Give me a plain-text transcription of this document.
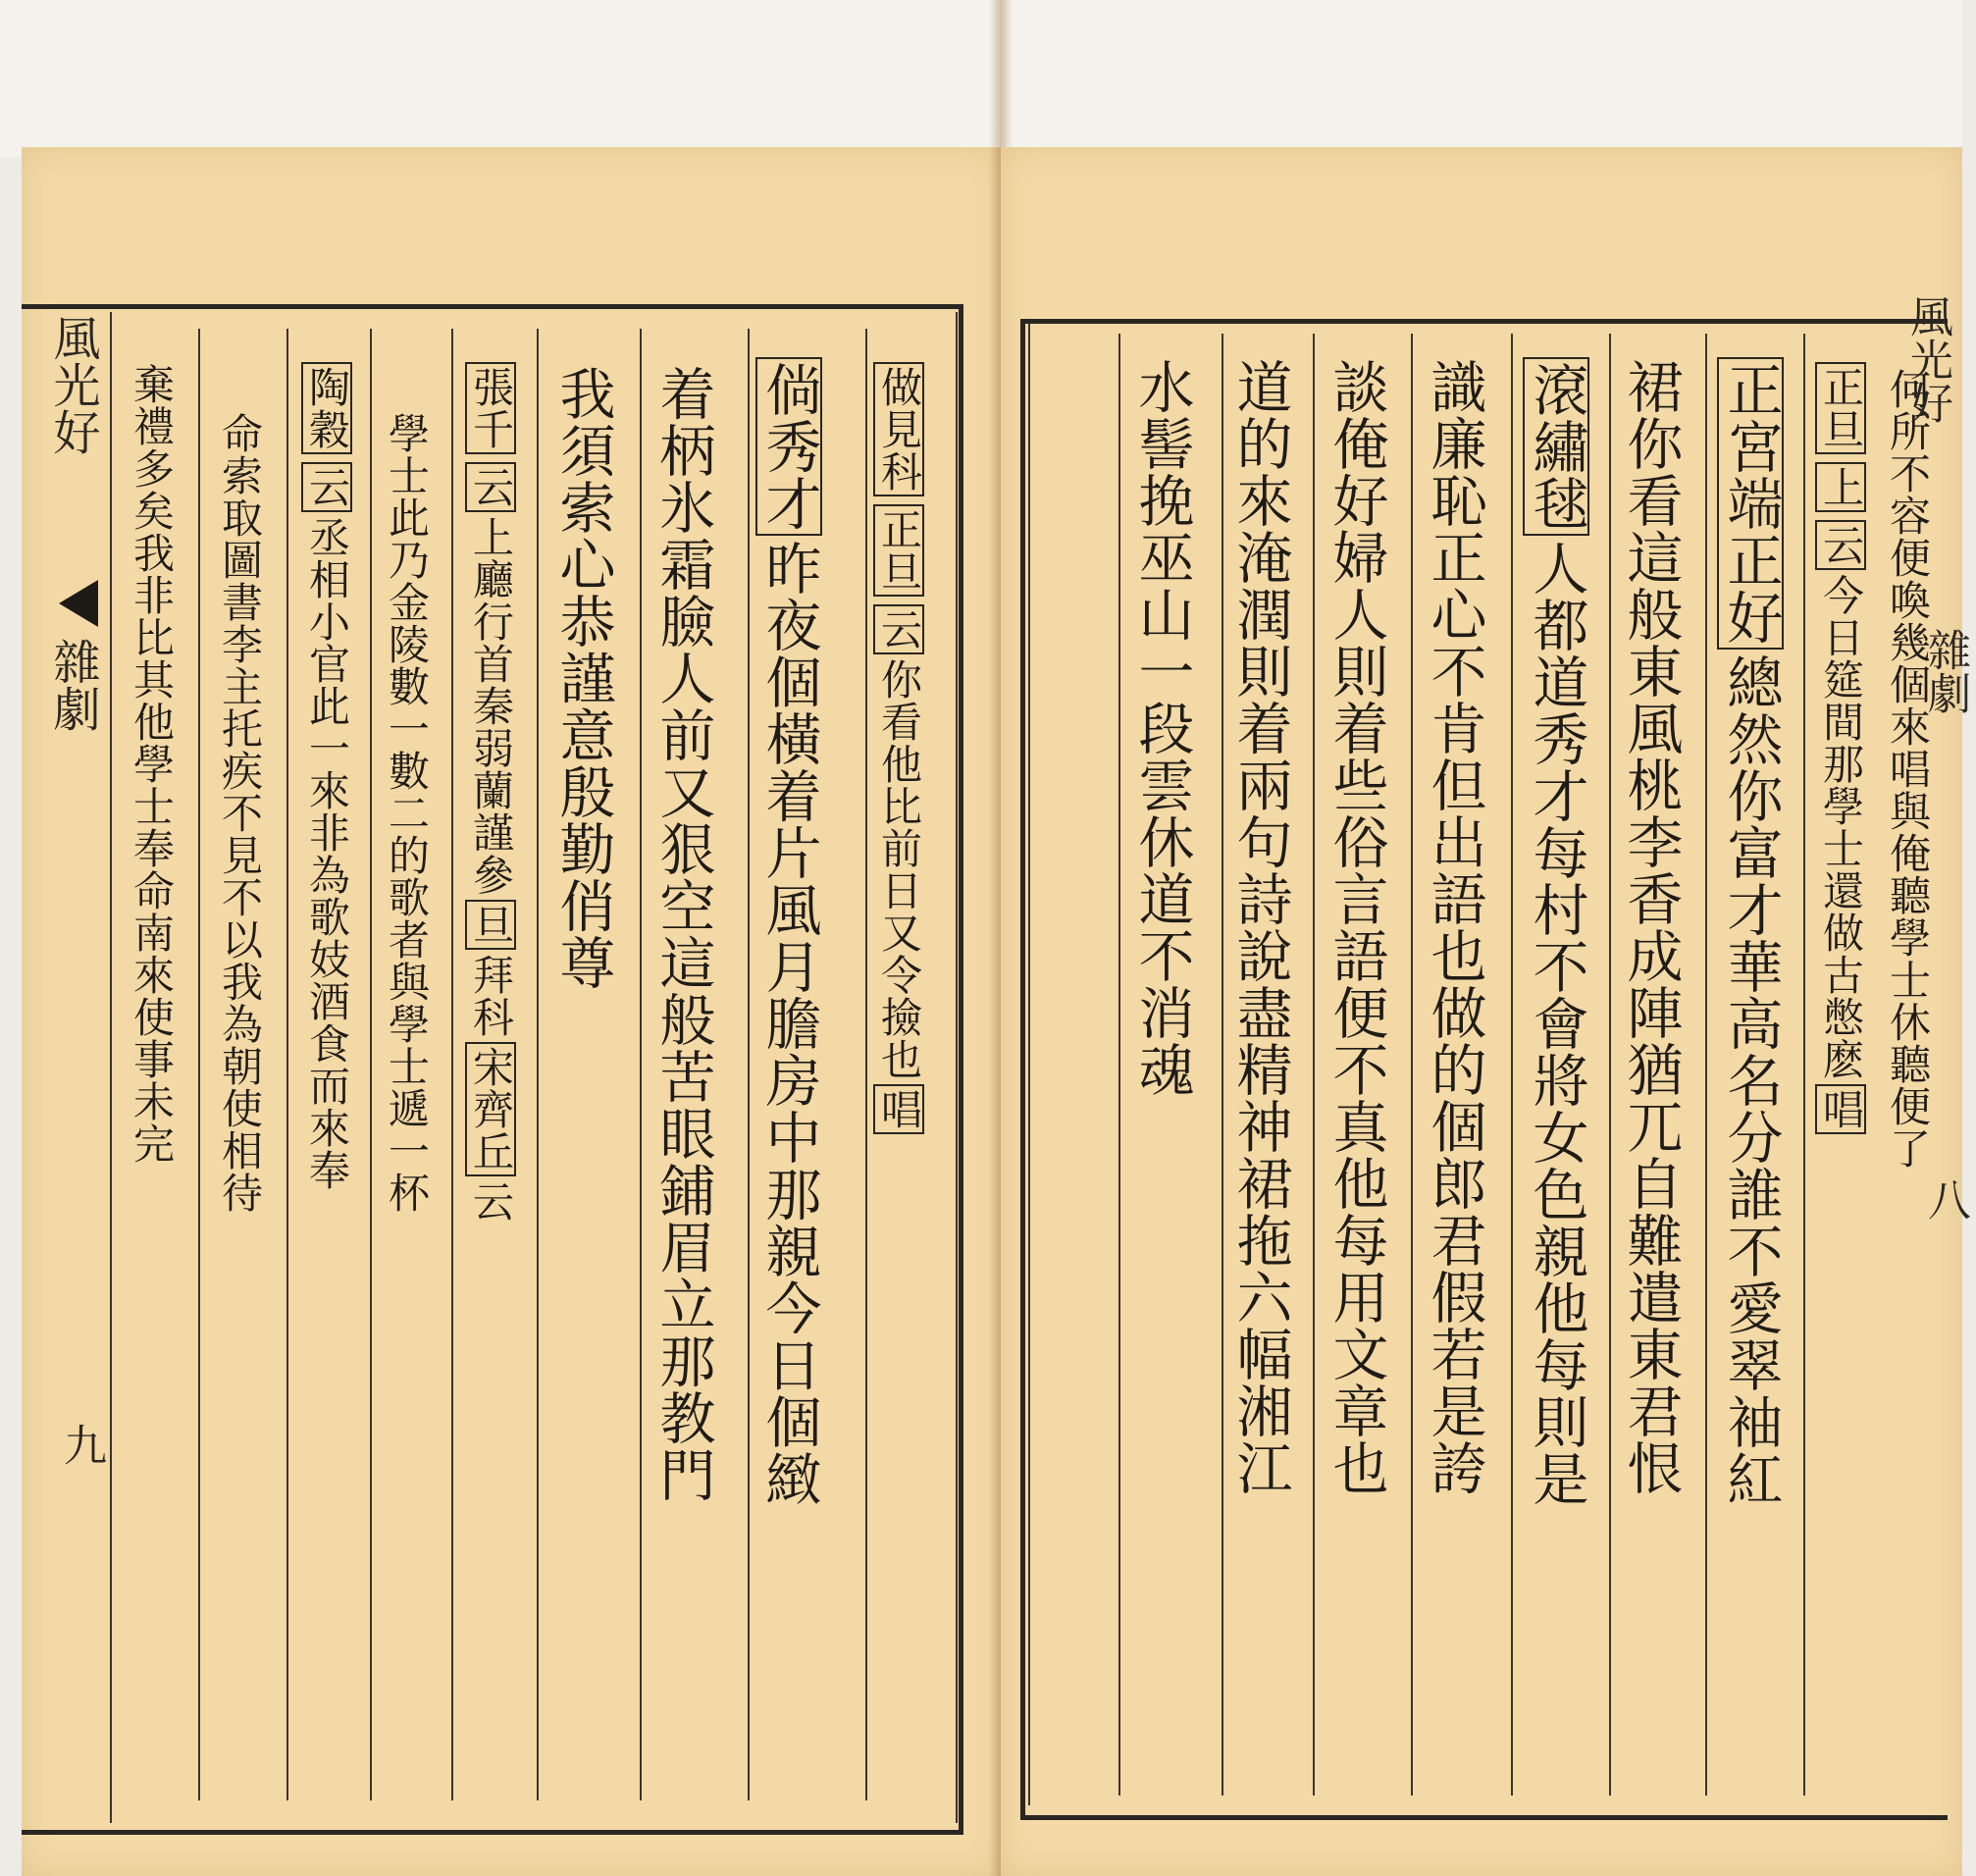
風光好
雜劇
九
做見科正旦云你看他比前日又令撿也唱
倘秀才昨夜個橫着片風月膽房中那親今日個緻
着柄氷霜臉人前又狠空這般苦眼鋪眉立那教門
我須索心恭謹意殷勤俏尊
張千云上廳行首秦弱蘭謹參旦拜科宋齊丘云
學士此乃金陵數一數二的歌者與學士遞一杯
陶穀云丞相小官此一來非為歌妓酒食而來奉
命索取圖書李主托疾不見不以我為朝使相待
棄禮多矣我非比其他學士奉命南來使事未完	何所不容便喚幾個來唱與俺聽學士休聽便了
正旦上云今日筵間那學士還做古憋麽唱
正宮端正好總然你富才華高名分誰不愛翠袖紅
裙你看這般東風桃李香成陣猶兀自難遣東君恨
滾繡毬人都道秀才每村不會將女色親他每則是
識廉恥正心不肯但出語也做的個郎君假若是誇
談俺好婦人則着些俗言語便不真他每用文章也
道的來淹潤則着兩句詩說盡精神裙拖六幅湘江
水髻挽巫山一段雲休道不消魂	風光好
雜劇
八
